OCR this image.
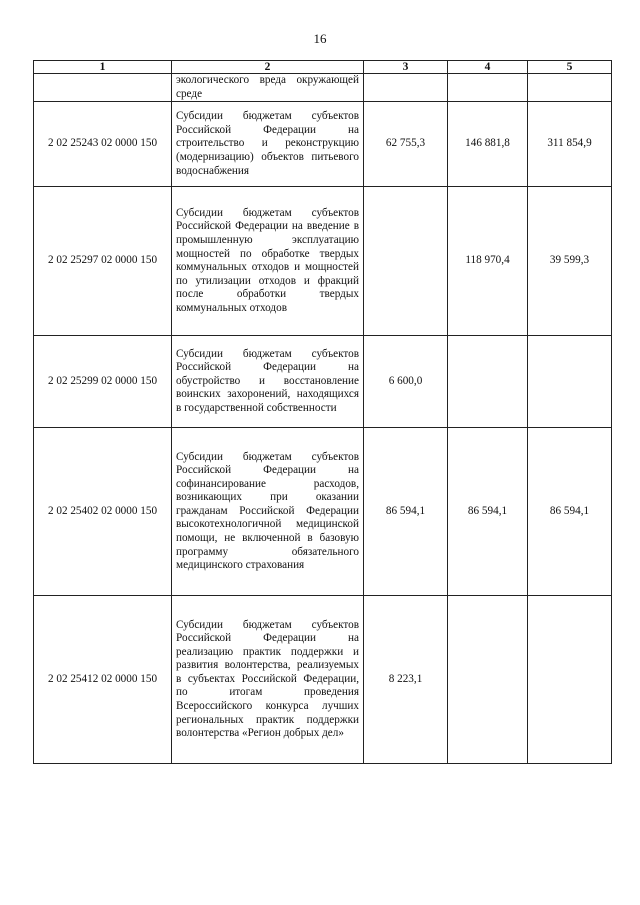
16
1	2	3	4	5
	экологического вреда окружающей среде			
2 02 25243 02 0000 150	Субсидии бюджетам субъектов Российской Федерации на строительство и реконструкцию (модернизацию) объектов питьевого водоснабжения	62 755,3	146 881,8	311 854,9
2 02 25297 02 0000 150	Субсидии бюджетам субъектов Российской Федерации на введение в промышленную эксплуатацию мощностей по обработке твердых коммунальных отходов и мощностей по утилизации отходов и фракций после обработки твердых коммунальных отходов		118 970,4	39 599,3
2 02 25299 02 0000 150	Субсидии бюджетам субъектов Российской Федерации на обустройство и восстановление воинских захоронений, находящихся в государственной собственности	6 600,0		
2 02 25402 02 0000 150	Субсидии бюджетам субъектов Российской Федерации на софинансирование расходов, возникающих при оказании гражданам Российской Федерации высокотехнологичной медицинской помощи, не включенной в базовую программу обязательного медицинского страхования	86 594,1	86 594,1	86 594,1
2 02 25412 02 0000 150	Субсидии бюджетам субъектов Российской Федерации на реализацию практик поддержки и развития волонтерства, реализуемых в субъектах Российской Федерации, по итогам проведения Всероссийского конкурса лучших региональных практик поддержки волонтерства «Регион добрых дел»	8 223,1		
